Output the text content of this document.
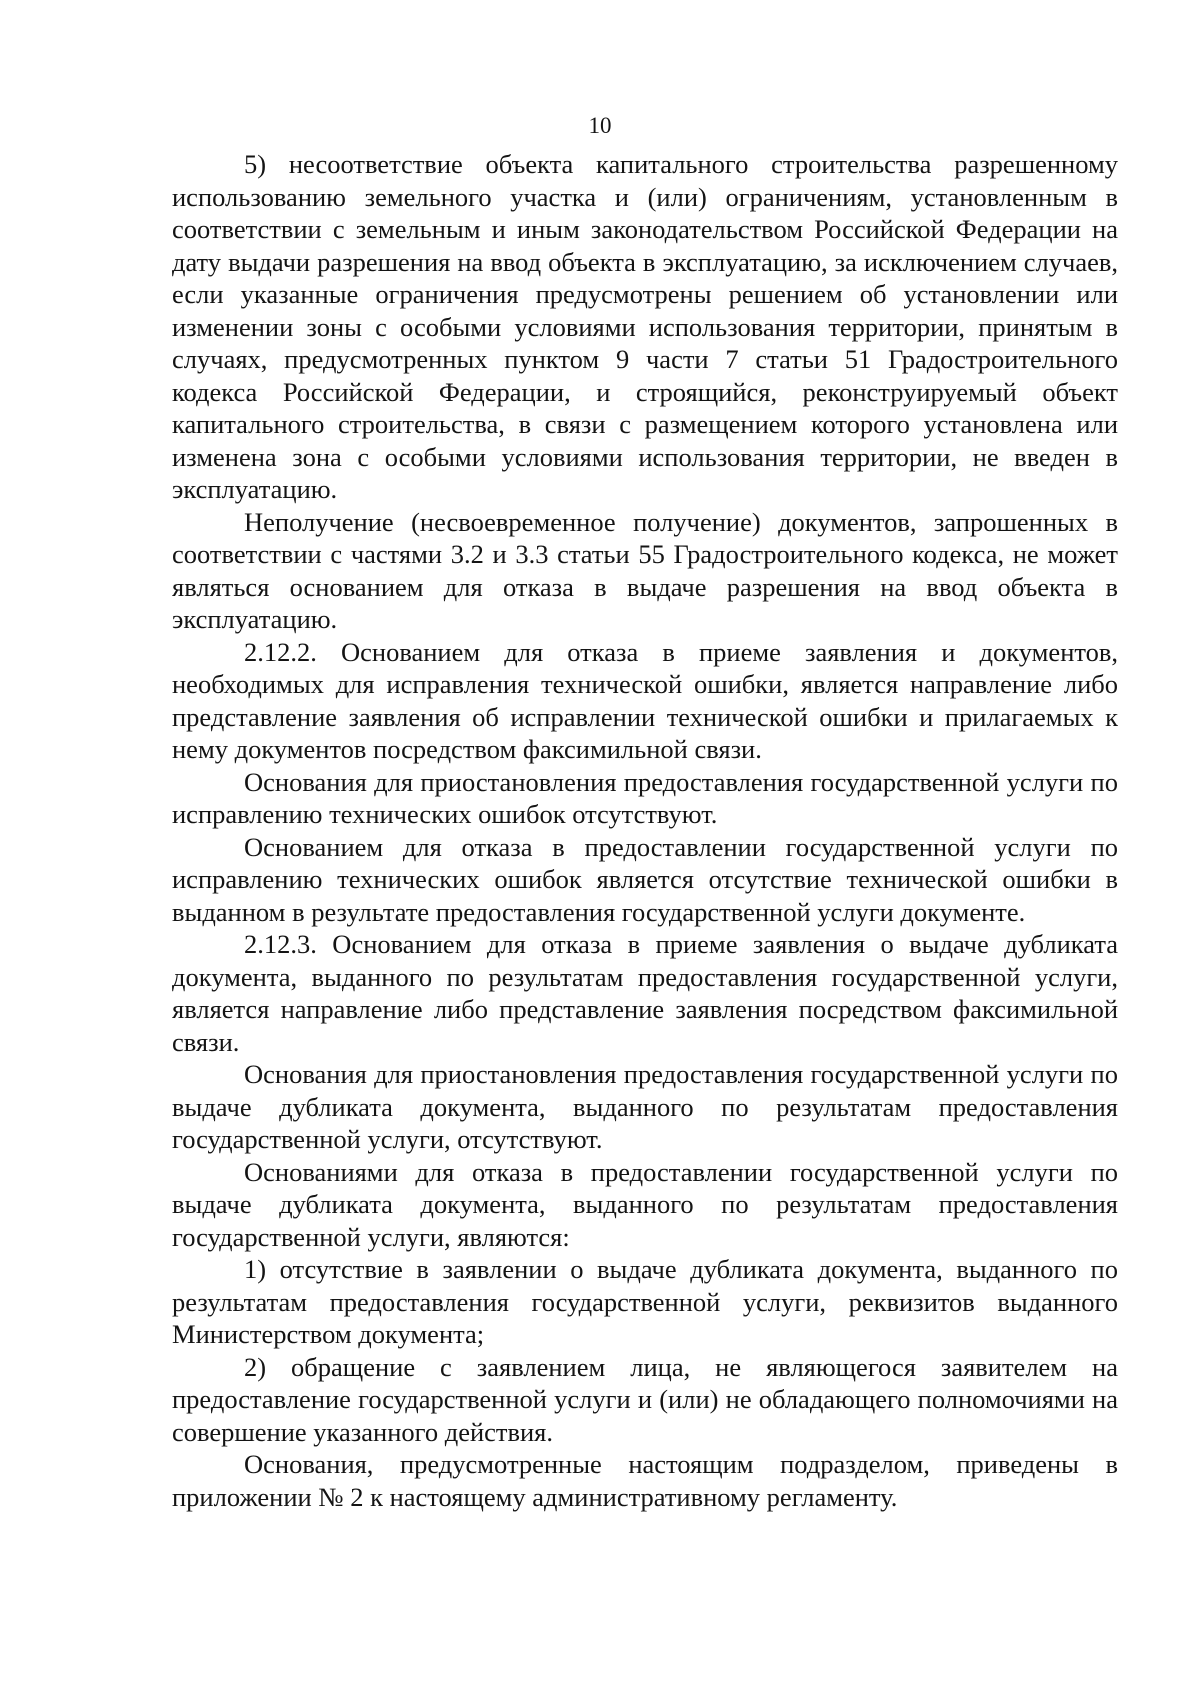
10

5) несоответствие объекта капитального строительства разрешенному использованию земельного участка и (или) ограничениям, установленным в соответствии с земельным и иным законодательством Российской Федерации на дату выдачи разрешения на ввод объекта в эксплуатацию, за исключением случаев, если указанные ограничения предусмотрены решением об установлении или изменении зоны с особыми условиями использования территории, принятым в случаях, предусмотренных пунктом 9 части 7 статьи 51 Градостроительного кодекса Российской Федерации, и строящийся, реконструируемый объект капитального строительства, в связи с размещением которого установлена или изменена зона с особыми условиями использования территории, не введен в эксплуатацию.

Неполучение (несвоевременное получение) документов, запрошенных в соответствии с частями 3.2 и 3.3 статьи 55 Градостроительного кодекса, не может являться основанием для отказа в выдаче разрешения на ввод объекта в эксплуатацию.

2.12.2. Основанием для отказа в приеме заявления и документов, необходимых для исправления технической ошибки, является направление либо представление заявления об исправлении технической ошибки и прилагаемых к нему документов посредством факсимильной связи.

Основания для приостановления предоставления государственной услуги по исправлению технических ошибок отсутствуют.

Основанием для отказа в предоставлении государственной услуги по исправлению технических ошибок является отсутствие технической ошибки в выданном в результате предоставления государственной услуги документе.

2.12.3. Основанием для отказа в приеме заявления о выдаче дубликата документа, выданного по результатам предоставления государственной услуги, является направление либо представление заявления посредством факсимильной связи.

Основания для приостановления предоставления государственной услуги по выдаче дубликата документа, выданного по результатам предоставления государственной услуги, отсутствуют.

Основаниями для отказа в предоставлении государственной услуги по выдаче дубликата документа, выданного по результатам предоставления государственной услуги, являются:

1) отсутствие в заявлении о выдаче дубликата документа, выданного по результатам предоставления государственной услуги, реквизитов выданного Министерством документа;

2) обращение с заявлением лица, не являющегося заявителем на предоставление государственной услуги и (или) не обладающего полномочиями на совершение указанного действия.

Основания, предусмотренные настоящим подразделом, приведены в приложении № 2 к настоящему административному регламенту.
